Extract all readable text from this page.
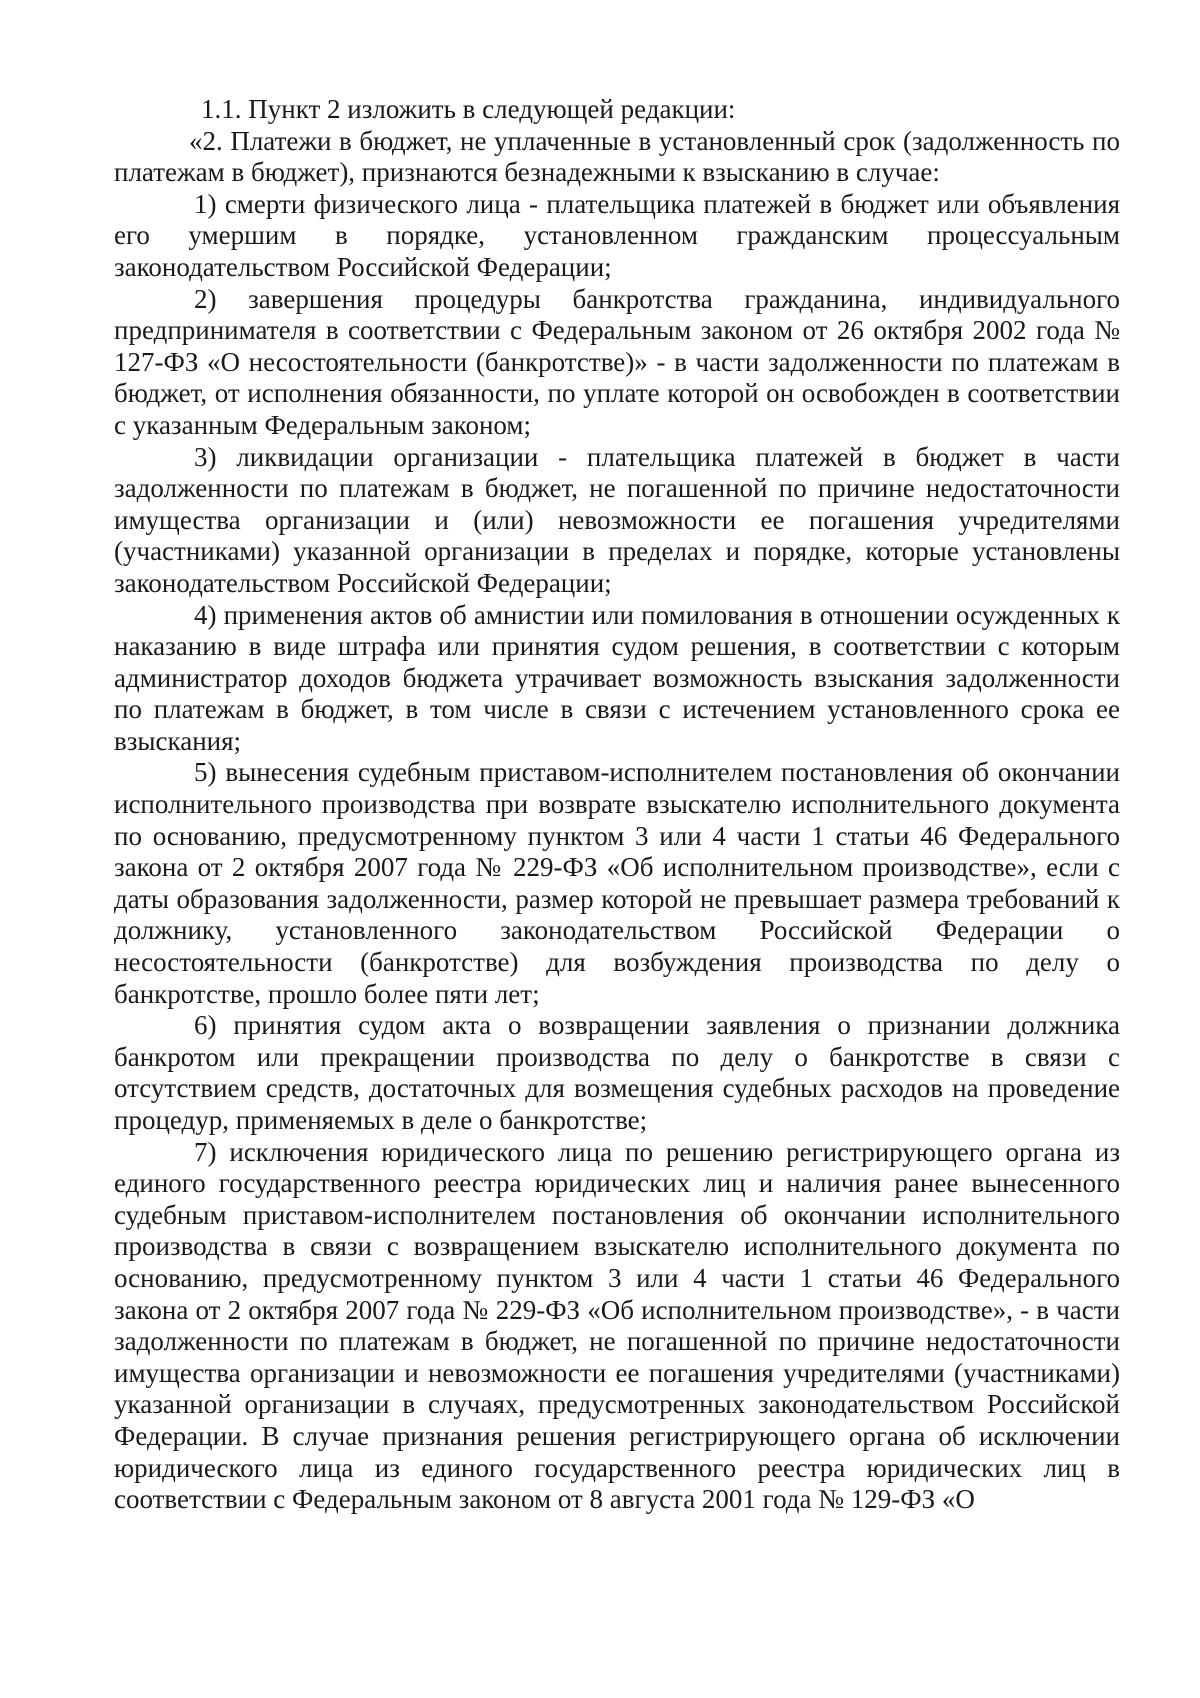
1.1. Пункт 2 изложить в следующей редакции:

«2. Платежи в бюджет, не уплаченные в установленный срок (задолженность по платежам в бюджет), признаются безнадежными к взысканию в случае:

1) смерти физического лица - плательщика платежей в бюджет или объявления его умершим в порядке, установленном гражданским процессуальным законодательством Российской Федерации;

2) завершения процедуры банкротства гражданина, индивидуального предпринимателя в соответствии с Федеральным законом от 26 октября 2002 года № 127-ФЗ «О несостоятельности (банкротстве)» - в части задолженности по платежам в бюджет, от исполнения обязанности, по уплате которой он освобожден в соответствии с указанным Федеральным законом;

3) ликвидации организации - плательщика платежей в бюджет в части задолженности по платежам в бюджет, не погашенной по причине недостаточности имущества организации и (или) невозможности ее погашения учредителями (участниками) указанной организации в пределах и порядке, которые установлены законодательством Российской Федерации;

4) применения актов об амнистии или помилования в отношении осужденных к наказанию в виде штрафа или принятия судом решения, в соответствии с которым администратор доходов бюджета утрачивает возможность взыскания задолженности по платежам в бюджет, в том числе в связи с истечением установленного срока ее взыскания;

5) вынесения судебным приставом-исполнителем постановления об окончании исполнительного производства при возврате взыскателю исполнительного документа по основанию, предусмотренному пунктом 3 или 4 части 1 статьи 46 Федерального закона от 2 октября 2007 года № 229-ФЗ «Об исполнительном производстве», если с даты образования задолженности, размер которой не превышает размера требований к должнику, установленного законодательством Российской Федерации о несостоятельности (банкротстве) для возбуждения производства по делу о банкротстве, прошло более пяти лет;

6) принятия судом акта о возвращении заявления о признании должника банкротом или прекращении производства по делу о банкротстве в связи с отсутствием средств, достаточных для возмещения судебных расходов на проведение процедур, применяемых в деле о банкротстве;

7) исключения юридического лица по решению регистрирующего органа из единого государственного реестра юридических лиц и наличия ранее вынесенного судебным приставом-исполнителем постановления об окончании исполнительного производства в связи с возвращением взыскателю исполнительного документа по основанию, предусмотренному пунктом 3 или 4 части 1 статьи 46 Федерального закона от 2 октября 2007 года № 229-ФЗ «Об исполнительном производстве», - в части задолженности по платежам в бюджет, не погашенной по причине недостаточности имущества организации и невозможности ее погашения учредителями (участниками) указанной организации в случаях, предусмотренных законодательством Российской Федерации. В случае признания решения регистрирующего органа об исключении юридического лица из единого государственного реестра юридических лиц в соответствии с Федеральным законом от 8 августа 2001 года № 129-ФЗ «О
